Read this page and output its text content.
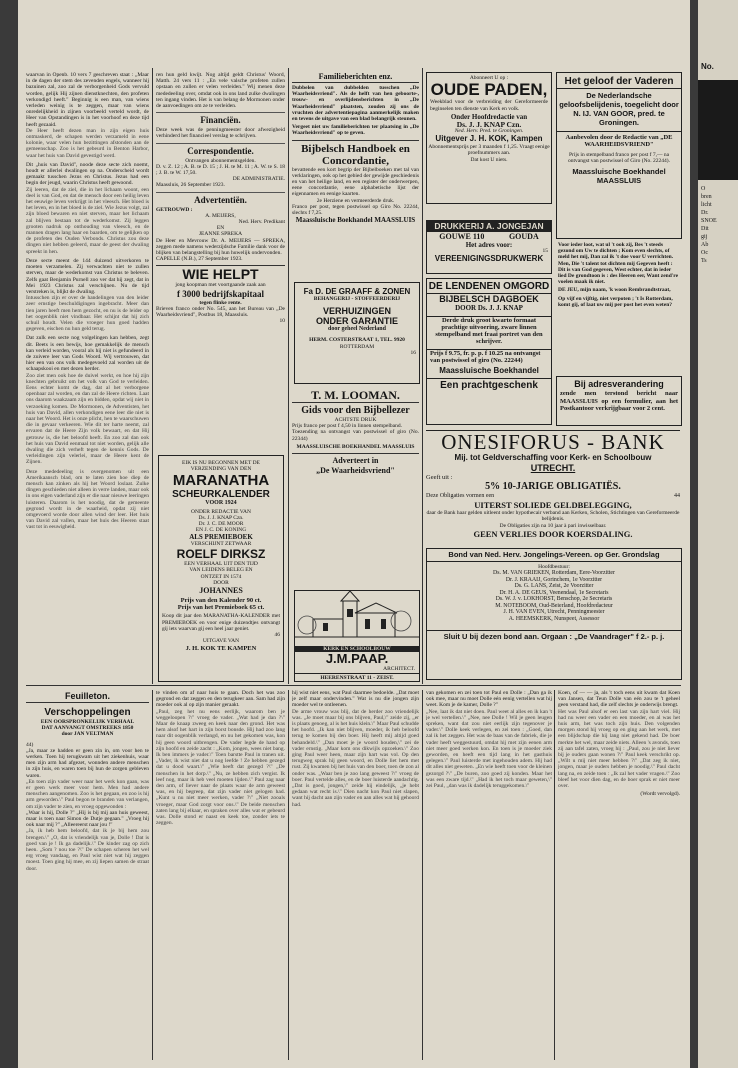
waarvan in Openb. 10 vers 7 geschreven staat : „Maar in de dagen der stem des zevenden engels, wanneer hij bazuinen zal, zoo zal de verborgenheid Gods vervuld worden, gelijk Hij zijnen dienstknechten, den profeten verkondigd heeft." Beginnig is een man, van wiens verleden weinig is te zeggen, maar van wiens onredelijkheid in zijnen voorbeeld verteld wordt, de Heer van Opstandingen is in het voorhoof en deze tijd heeft gezaaid.
De Heer heeft dezen man in zijn eigen huis ontmaskerd, de schapen werden verzameld in eene kolonie, waar velen hun bezittingen afstonden aan de gemeenschap. Zoo is het gebeurd in Benton Harbor, waar het huis van David gevestigd werd.
Dit „huis van David", noode deze secte zich noemt, houdt er allerlei dwalingen op na. Onderscheid wordt gemaakt tusschen Jezus en Christus. Jezus had een begin der jeugd, waarin Christus heeft gewoond.
Zij leeren, dat de ziel, die in het lichaam woont, een deel is van God, en dat de mensch door een heilig leven het eeuwige leven verkrijgt in het vleesch. Het bloed is het leven, en in het bloed is de ziel. Wie Jezus volgt, zal zijn bloed bewaren en niet sterven, maar het lichaam zal blijven bestaan tot de wederkomst. Zij leggen grooten nadruk op onthouding van vleesch, en de mannen dragen lang haar en baarden, om te gelijken op de profeten des Ouden Verbonds. Christus zou deze dingen niet hebben geleerd, maar de geest der dwaling spreekt in hen.
Deze secte meent de 144 duizend uitverkoren te moeten verzamelen. Zij verwachten niet te zullen sterven, maar de wederkomst van Christus te beleven. Zelfs gaat Benjamin Purnell zoo ver dat hij zegt, dat in Mei 1923 Christus zal verschijnen. Nu de tijd verstreken is, blijkt de dwaling.
Intusschen zijn er over de handelingen van den leider zeer ernstige beschuldigingen ingebracht. Meer dan tien jaren heeft men hem gezocht, en nu is de leider op het oogenblik niet vindbaar. Het schijnt dat hij zich schuil houdt. Velen die vroeger hun goed hadden gegeven, eischen nu hun geld terug.
Dat zulk een secte nog volgelingen kan hebben, zegt dit. Beets is een bewijs, hoe gemakkelijk de mensch kan verleid worden, vooral als hij niet is gefundeerd in de zuivere leer van Gods Woord. Wij vertrouwen, dat hier een van ons volk medegevoeld zal worden uit de schaapskooi en met dezen herder.
Zoo ziet men ook hoe de duivel werkt, en hoe hij zijn knechten gebruikt om het volk van God te verleiden. Eens echter komt de dag, dat al het verborgene openbaar zal worden, en dan zal de Heere richten. Laat ons daarom waakzaam zijn en bidden, opdat wij niet in verzoeking komen. De Mormonen, de Adventisten, het huis van David, allen verkondigen eene leer die niet is naar het Woord. Het is onze plicht, hen te waarschuwen die in gevaar verkeeren. Wie dit ter harte neemt, zal ervaren dat de Heere Zijn volk bewaart, en dat Hij getrouw is, die het beloofd heeft. En zoo zal dan ook het huis van David eenmaal tot niet worden, gelijk alle dwaling die zich verheft tegen de kennis Gods. De verleidingen zijn velerlei, maar de Heere kent de Zijnen.
Deze mededeeling is overgenomen uit een Amerikaansch blad, om te laten zien hoe diep de mensch kan zinken als hij het Woord loslaat. Zulke dingen geschieden niet alleen in verre landen, maar ook in ons eigen vaderland zijn er die naar nieuwe leeringen luisteren. Daarom is het noodig, dat de gemeente gegrond wordt in de waarheid, opdat zij niet omgevoerd worde door allen wind der leer. Het huis van David zal vallen, maar het huis des Heeren staat vast tot in eeuwigheid.
ren hun geld kwijt. Nog altijd geldt Christus' Woord, Matth. 24 vers 11 : „En vele valsche profeten zullen opstaan en zullen er velen verleiden." Wij menen deze mededeeling over, omdat ook in ons land zulke dwalingen ten ingang vinden. Het is van belang de Mormonen onder de aanvoedingen om ze te verleiden.
Financiën.
Deze week was de penningmeester door afwezigheid verhinderd het financieel verslag te schrijven.
Correspondentie.
Ontvangen abonnementsgelden.
D. v. Z. 12 ; A. B. te D. 15 ; J. H. te M. 11 ; A. W. te S. 18 ; J. B. te W. 17,50.
DE ADMINISTRATIE.
Maassluis, 26 September 1923.
Advertentiën.
GETROUWD :
A. MEIJERS,
Ned. Herv. Predikant
EN
JEANNE SPREKA
De Heer en Mevrouw Dr. A. MEIJERS — SPREKA, zeggen mede namens wederzijdsche Familie dank voor de blijken van belangstelling bij hun huwelijk ondervonden.
CAPELLE (N.B.), 27 September 1923.
WIE HELPT
jong koopman met voortgaande zaak aan
f 3000 bedrijfskapitaal
tegen flinke rente.
Brieven franco onder No. 545, aan het Bureau van „De Waarheidsvriend", Postbus 18, Maassluis.
10
EIK IS NU BEGONNEN MET DE
VERZENDING VAN DEN
MARANATHA
SCHEURKALENDER
VOOR 1924
ONDER REDACTIE VAN
Ds. J. J. KNAP Czn.
Dr. J. C. DE MOOR
EN J. C. DE KONING
ALS PREMIEBOEK
VERSCHIJNT ZETWAAR
ROELF DIRKSZ
EEN VERHAAL UIT DEN TIJD
VAN LEIDENS BELEG EN
ONTZET IN 1574
DOOR
JOHANNES
Prijs van den Kalender 90 ct.
Prijs van het Premieboek 65 ct.
Koop dit jaar den MARANATHA-KALENDER met PREMIEBOEK en voor enige duizendtjes ontvangt gij iets waarvan gij een heel jaar geniet.
46
UITGAVE VAN
J. H. KOK TE KAMPEN
Familieberichten enz.
Dubbelen van dubbelden tusschen „De Waarheidsvriend". Als de helft van hen geboorte-, trouw- en overlijdensberichten in „De Waarheidsvriend" plaatsten, zouden zij ons de vruchten der advertentiepagina aanmerkelijk maken en tevens de uitgave van een blad belangrijk steunen.
Vergeet niet uw familieberichten ter plaatsing in „De Waarheidsvriend" op te geven.
Bijbelsch Handboek en Concordantie,
bevattende een kort begrip der Bijbelboeken met tal van verklaringen, ook op het gebied der gewijde geschiedenis en van het heilige land, en een register der onderwerpen, eene concordantie, eene alphabetische lijst der eigennamen en eenige kaarten.
2e Herziene en vermeerderde druk.
Franco per post, tegen postwissel op Giro No. 22244, slechts f 7,25.
Maassluische Boekhandel MAASSLUIS
Fa D. DE GRAAFF & ZONEN
BEHANGERIJ - STOFFEERDERIJ
VERHUIZINGEN
ONDER GARANTIE
door geheel Nederland
HERM. COSTERSTRAAT 1, TEL. 9920
ROTTERDAM
16
T. M. LOOMAN.
Gids voor den Bijbellezer
ACHTSTE DRUK
Prijs franco per post f 4,50 in linnen stempelband.
Toezending na ontvangst van postwissel of giro (No. 22344)
MAASSLUISCHE BOEKHANDEL MAASSLUIS
Adverteert in
„De Waarheidsvriend"
KERK EN SCHOOLBOUW
J.M.PAAP.
ARCHITECT.
HEERENSTRAAT 11 - ZEIST.
Abonneert U op :
OUDE PADEN,
Weekblad voor de verbreiding der Gereformeerde beginselen ten dienste van Kerk en volk.
Onder Hoofdredactie van
Ds. J. J. KNAP Czn.
Ned. Herv. Pred. te Groningen.
Uitgever J. H. KOK, Kampen
Abonnementsprijs per 3 maanden f 1,25. Vraagt eenige proefnummers aan.
Dat kost U niets.
DRUKKERIJ A. JONGEJAN
GOUWE 110	GOUDA
Het adres voor:
15
VEREENIGINGSDRUKWERK
DE LENDENEN OMGORD
BIJBELSCH DAGBOEK
DOOR Ds. J. J. KNAP
Derde druk groot kwarto formaat prachtige uitvoering, zware linnen stempelband met fraai portret van den schrijver.
Prijs f 9.75, fr. p. p. f 10.25 na ontvangst van postwissel of giro (No. 22244)
Maassluische Boekhandel
Een prachtgeschenk
Het geloof der Vaderen
De Nederlandsche geloofsbelijdenis, toegelicht door
N. IJ. VAN GOOR, pred. te Groningen.
Aanbevolen door de Redactie van „DE WAARHEIDSVRIEND"
Prijs in stempelband franco per post f 7,— na ontvangst van postwissel of Giro (No. 22244).
Maassluische Boekhandel
MAASSLUIS
Voor ieder loot, wat ul 't ook zij, Bes 't steeds gezond om Uw te dichten ; Kom even slechts, of meld het mij, Dan zal ik 't doe voor U verrichten. Men, Die 't talent tot dichten mij Gegeven heeft : Dit is van God gegeven, West echter, dat in ieder lied De grondtoon is : des Heeren eer, Want zend're voelen maak ik niet.
DE JEU, mijn naam, 'k woon Rembrandtstraat,
Op vijf en vijftig, niet verpoten ; 't Is Rotterdam, komt gij, of laat uw mij per post het even weten?
Bij adresverandering
zende men terstond bericht naar MAASSLUIS op een formulier, aan het Postkantoor verkrijgbaar voor 2 cent.
ONESIFORUS - BANK
Mij. tot Geldverschaffing voor Kerk- en Schoolbouw
UTRECHT.
Geeft uit :
5% 10-JARIGE OBLIGATIËS.
Deze Obligaties vormen een	44
UITERST SOLIEDE GELDBELEGGING,
daar de Bank haar gelden uitleent onder hypothecair verband aan Kerken, Scholen, Stichtingen van Gereformeerde belijdenis.
De Obligaties zijn na 10 jaar à pari inwisselbaar.
GEEN VERLIES DOOR KOERSDALING.
Bond van Ned. Herv. Jongelings-Vereen. op Ger. Grondslag
Hoofdbestuur:
Ds. M. VAN GRIEKEN, Rotterdam, Eere-Voorzitter
Dr. J. KRAAIJ, Gorinchem, 1e Voorzitter
Ds. G. LANS, Zeist, 2e Voorzitter
Dr. H. A. DE GEUS, Veenendaal, 1e Secretaris
Ds. W. J. v. LOKHORST, Benschop, 2e Secretaris
M. NOTEBOOM, Oud-Beierland, Hoofdredacteur
J. H. VAN EVEN, Utrecht, Penningmeester
A. HEEMSKERK, Nunspeet, Assessor
Sluit U bij dezen bond aan. Orgaan : „De Vaandrager" f 2.- p. j.
Feuilleton.
Verschoppelingen
EEN OORSPRONKELIJK VERHAAL
DAT AANVANGT OMSTREEKS 1850
door JAN VELTMAN
44)
„Ja, maar ze hadden er geen zin in, om voor hen te werken. Toen hij terugkwam uit het ziekenhuis, waar men zijn arm had afgezet, wonnden andere menschen in zijn huis, en waren toen bij hun de zorgen gebleven waren.
„En toen zijn vader weer naar het werk kon gaan, was er geen werk meer voor hem. Men had andere menschen aangenomen. Zoo is het gegaan, en zoo is hij arm geworden.\" Paul begon te branden van verlangen, om zijn vader te zien, en vroeg opgewonden :
„Waar is hij, Dolle ?" „Hij is bij mij aan huis geweest, maar is toen naar Simon de Dutje gegaan." „Vroeg hij ook naar mij ?" „Alleereerst naar jou !"
„Ja, ik heb hem beloofd, dat ik je bij hem zou brengen.\" „O, dat is vriendelijk van je, Dolle ! Dat is goed van je ! Ik ga dadelijk.\" De kinder zag op zich heen. „Som ? nou toe ?\" De schapen scheren het wel erg vroeg vandaag, en Paul wist niet wat hij zeggen moest. Toen ging hij mee, en zij liepen samen de straat door.
te vinden om af naar huis te gaan. Doch het was zoo gegrond en dat zeggen en den terugkeer aan. Sam had zijn moeder ook al op zijn manier geraakt.
„Paul, zeg het nu eens eerlijk, waarom ben je weggeloopen ?\" vroeg de vader. „Wat had je dan ?\" Maar de knaap zweeg en keek naar den grond. Het was hem alsof het hart in zijn borst bonsde. Hij had zoo lang naar dit oogenblik verlangd, en nu het gekomen was, kon hij geen woord uitbrengen. De vader legde de hand op zijn hoofd en zeide zacht : „Kom, jongen, wees niet bang. Ik ben immers je vader.\" Toen barstte Paul in tranen uit. „Vader, ik wist niet dat u nog leefde ! Ze hebben gezegd dat u dood waart.\" „Wie heeft dat gezegd ?\" „De menschen in het dorp.\" „Nu, ze hebben zich vergist. Ik leef nog, maar ik heb veel moeten lijden.\" Paul zag naar den arm, of liever naar de plaats waar de arm geweest was, en hij begreep, dat zijn vader niet gelogen had. „Kunt u nu niet meer werken, vader ?\" „Niet zooals vroeger, maar God zorgt voor ons.\" De beide menschen zaten lang bij elkaar, en spraken over alles wat er gebeurd was. Dolle stond er naast en keek toe, zonder iets te zeggen.
hij wist niet eens, wat Paul daarmee bedoelde. „Dat moet je zelf maar ondervinden." Wat is nu die jongen zijn moeder wel te ontleenen.
De arme vrouw was blij, dat de herder zoo vriendelijk was. „Je moet maar bij ons blijven, Paul,\" zeide zij, „er is plaats genoeg, al is het huis klein.\" Maar Paul schudde het hoofd. „Ik kan niet blijven, moeder, ik heb beloofd terug te komen bij den boer. Hij heeft mij altijd goed behandeld.\" „Dan moet je je woord houden,\" zei de vader ernstig. „Maar kom ons dikwijls opzoeken.\" Zoo ging Paul weer heen, maar zijn hart was vol. Op den terugweg sprak hij geen woord, en Dolle liet hem met rust. Zij kwamen bij het huis van den boer, toen de zon al onder was. „Waar ben je zoo lang geweest ?\" vroeg de boer. Paul vertelde alles, en de boer luisterde aandachtig. „Dat is goed, jongen,\" zeide hij eindelijk, „je hebt gedaan wat recht is.\" Dien nacht kon Paul niet slapen, want hij dacht aan zijn vader en aan alles wat hij gehoord had.
van gekomen en zei toen tot Paul en Dolle : „Dan ga ik ook mee, maar nu moet Dolle eén eenig vertellen wat hij weet. Kom je de kamer, Dolle ?"
„Nee, laat ik dat niet doen. Paul weet al alles en ik kan 't je wel vertellen.\" „Nee, nee Dolle ! Wil je geen leugen spreken, want dat zou niet eerlijk zijn tegenover je vader.\" Dolle keek verlegen, en zei toen : „Goed, dan zal ik het zeggen. Het was de baas van de fabriek, die je vader heeft weggestuurd, omdat hij met zijn eenen arm niet meer goed werken kon. En toen is je moeder ziek geworden, en heeft een tijd lang in het gasthuis gelegen.\" Paul luisterde met ingehouden adem. Hij had dit alles niet geweten. „En wie heeft toen voor de kleinen gezorgd ?\" „De buren, zoo goed zij konden. Maar het was een zware tijd.\" „Had ik het toch maar geweten,\" zei Paul, „dan was ik dadelijk teruggekomen.\"
Koen, of — — ja, als 't toch eens uit kwam dat Koen van Jansen, dat Teun Dolle van eén zou te 't geheel geen verstand had, die zelf slechts je onderwijs brengt.
Het was Paul alsof er een last van zijn hart viel. Hij had nu weer een vader en een moeder, en al was het huis arm, het was toch zijn huis. Den volgenden morgen stond hij vroeg op en ging aan het werk, met een blijdschap die hij lang niet gekend had. De boer merkte het wel, maar zeide niets. Alleen 's avonds, toen zij aan tafel zaten, vroeg hij : „Paul, zou je niet liever bij je ouders gaan wonen ?\" Paul keek verschrikt op. „Wilt u mij niet meer hebben ?\" „Dat zeg ik niet, jongen, maar je ouders hebben je noodig.\" Paul dacht lang na, en zeide toen : „Ik zal het vader vragen.\" Zoo bleef het voor dien dag, en de boer sprak er niet meer over.
(Wordt vervolgd).
No.
O
bren
licht
Dr.
SNOE
Dit
gij
Ab
Oc
Ts
